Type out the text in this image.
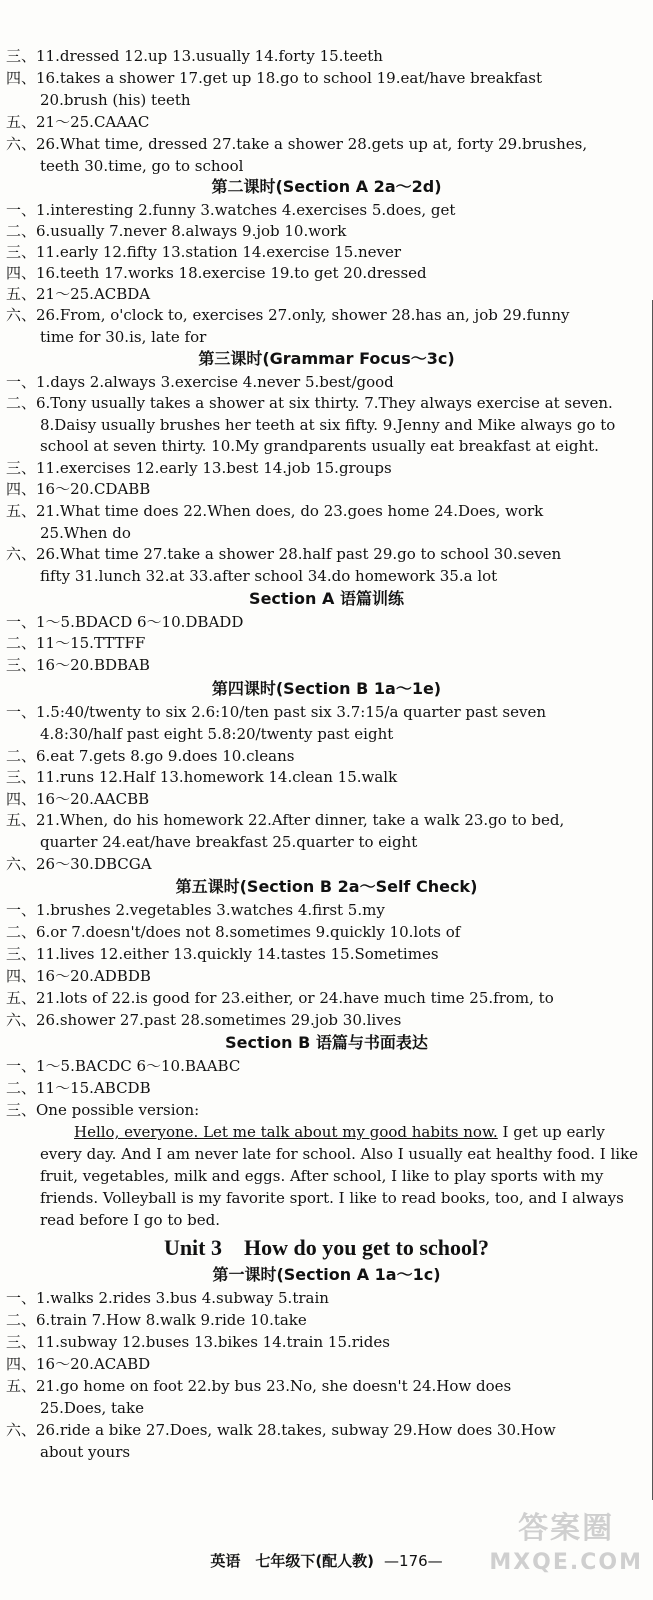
三、11.dressed 12.up 13.usually 14.forty 15.teeth
四、16.takes a shower 17.get up 18.go to school 19.eat/have breakfast
20.brush (his) teeth
五、21～25.CAAAC
六、26.What time, dressed 27.take a shower 28.gets up at, forty 29.brushes,
teeth 30.time, go to school
第二课时(Section A 2a～2d)
一、1.interesting 2.funny 3.watches 4.exercises 5.does, get
二、6.usually 7.never 8.always 9.job 10.work
三、11.early 12.fifty 13.station 14.exercise 15.never
四、16.teeth 17.works 18.exercise 19.to get 20.dressed
五、21～25.ACBDA
六、26.From, o'clock to, exercises 27.only, shower 28.has an, job 29.funny
time for 30.is, late for
第三课时(Grammar Focus～3c)
一、1.days 2.always 3.exercise 4.never 5.best/good
二、6.Tony usually takes a shower at six thirty. 7.They always exercise at seven.
8.Daisy usually brushes her teeth at six fifty. 9.Jenny and Mike always go to
school at seven thirty. 10.My grandparents usually eat breakfast at eight.
三、11.exercises 12.early 13.best 14.job 15.groups
四、16～20.CDABB
五、21.What time does 22.When does, do 23.goes home 24.Does, work
25.When do
六、26.What time 27.take a shower 28.half past 29.go to school 30.seven
fifty 31.lunch 32.at 33.after school 34.do homework 35.a lot
Section A 语篇训练
一、1～5.BDACD 6～10.DBADD
二、11～15.TTTFF
三、16～20.BDBAB
第四课时(Section B 1a～1e)
一、1.5:40/twenty to six 2.6:10/ten past six 3.7:15/a quarter past seven
4.8:30/half past eight 5.8:20/twenty past eight
二、6.eat 7.gets 8.go 9.does 10.cleans
三、11.runs 12.Half 13.homework 14.clean 15.walk
四、16～20.AACBB
五、21.When, do his homework 22.After dinner, take a walk 23.go to bed,
quarter 24.eat/have breakfast 25.quarter to eight
六、26～30.DBCGA
第五课时(Section B 2a～Self Check)
一、1.brushes 2.vegetables 3.watches 4.first 5.my
二、6.or 7.doesn't/does not 8.sometimes 9.quickly 10.lots of
三、11.lives 12.either 13.quickly 14.tastes 15.Sometimes
四、16～20.ADBDB
五、21.lots of 22.is good for 23.either, or 24.have much time 25.from, to
六、26.shower 27.past 28.sometimes 29.job 30.lives
Section B 语篇与书面表达
一、1～5.BACDC 6～10.BAABC
二、11～15.ABCDB
三、One possible version:
Hello, everyone. Let me talk about my good habits now. I get up early
every day. And I am never late for school. Also I usually eat healthy food. I like
fruit, vegetables, milk and eggs. After school, I like to play sports with my
friends. Volleyball is my favorite sport. I like to read books, too, and I always
read before I go to bed.
Unit 3　How do you get to school?
第一课时(Section A 1a～1c)
一、1.walks 2.rides 3.bus 4.subway 5.train
二、6.train 7.How 8.walk 9.ride 10.take
三、11.subway 12.buses 13.bikes 14.train 15.rides
四、16～20.ACABD
五、21.go home on foot 22.by bus 23.No, she doesn't 24.How does
25.Does, take
六、26.ride a bike 27.Does, walk 28.takes, subway 29.How does 30.How
about yours
英语　七年级下(配人教) —176—
答案圈
MXQE.COM
